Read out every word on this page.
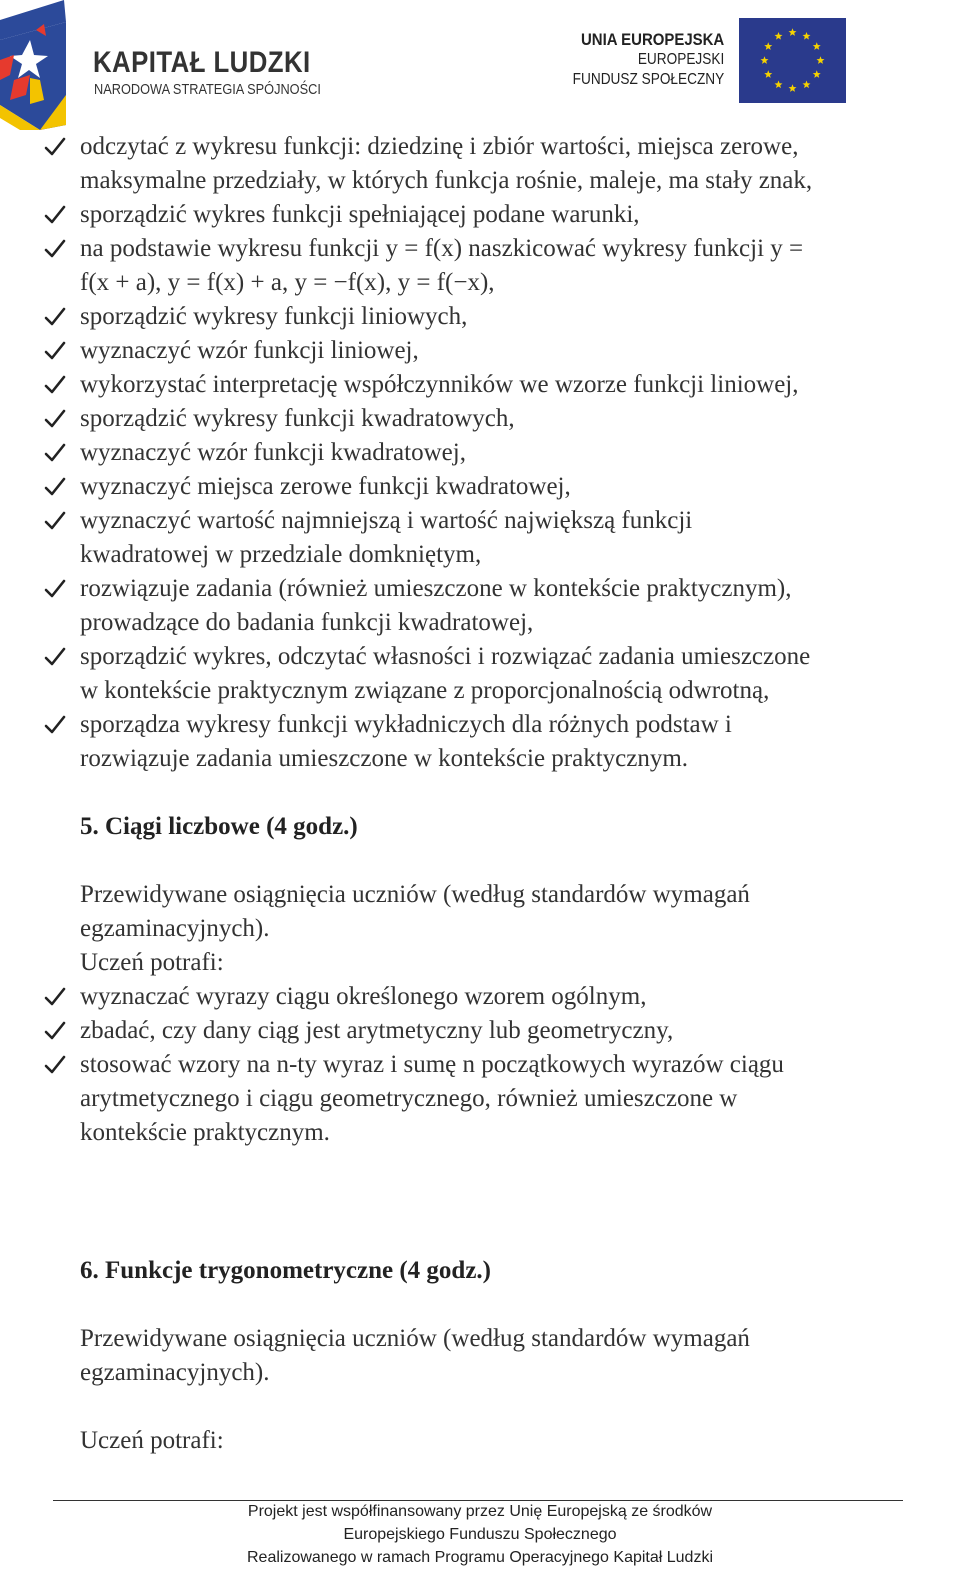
KAPITAŁ LUDZKI
NARODOWA STRATEGIA SPÓJNOŚCI
UNIA EUROPEJSKA
EUROPEJSKI
FUNDUSZ SPOŁECZNY
odczytać z wykresu funkcji: dziedzinę i zbiór wartości, miejsca zerowe,
maksymalne przedziały, w których funkcja rośnie, maleje, ma stały znak,
sporządzić wykres funkcji spełniającej podane warunki,
na podstawie wykresu funkcji y = f(x) naszkicować wykresy funkcji y =
f(x + a), y = f(x) + a, y = −f(x), y = f(−x),
sporządzić wykresy funkcji liniowych,
wyznaczyć wzór funkcji liniowej,
wykorzystać interpretację współczynników we wzorze funkcji liniowej,
sporządzić wykresy funkcji kwadratowych,
wyznaczyć wzór funkcji kwadratowej,
wyznaczyć miejsca zerowe funkcji kwadratowej,
wyznaczyć wartość najmniejszą i wartość największą funkcji
kwadratowej w przedziale domkniętym,
rozwiązuje zadania (również umieszczone w kontekście praktycznym),
prowadzące do badania funkcji kwadratowej,
sporządzić wykres, odczytać własności i rozwiązać zadania umieszczone
w kontekście praktycznym związane z proporcjonalnością odwrotną,
sporządza wykresy funkcji wykładniczych dla różnych podstaw i
rozwiązuje zadania umieszczone w kontekście praktycznym.
5. Ciągi liczbowe (4 godz.)
Przewidywane osiągnięcia uczniów (według standardów wymagań
egzaminacyjnych).
Uczeń potrafi:
wyznaczać wyrazy ciągu określonego wzorem ogólnym,
zbadać, czy dany ciąg jest arytmetyczny lub geometryczny,
stosować wzory na n-ty wyraz i sumę n początkowych wyrazów ciągu
arytmetycznego i ciągu geometrycznego, również umieszczone w
kontekście praktycznym.
6. Funkcje trygonometryczne (4 godz.)
Przewidywane osiągnięcia uczniów (według standardów wymagań
egzaminacyjnych).
Uczeń potrafi:
Projekt jest współfinansowany przez Unię Europejską ze środków
Europejskiego Funduszu Społecznego
Realizowanego w ramach Programu Operacyjnego Kapitał Ludzki
